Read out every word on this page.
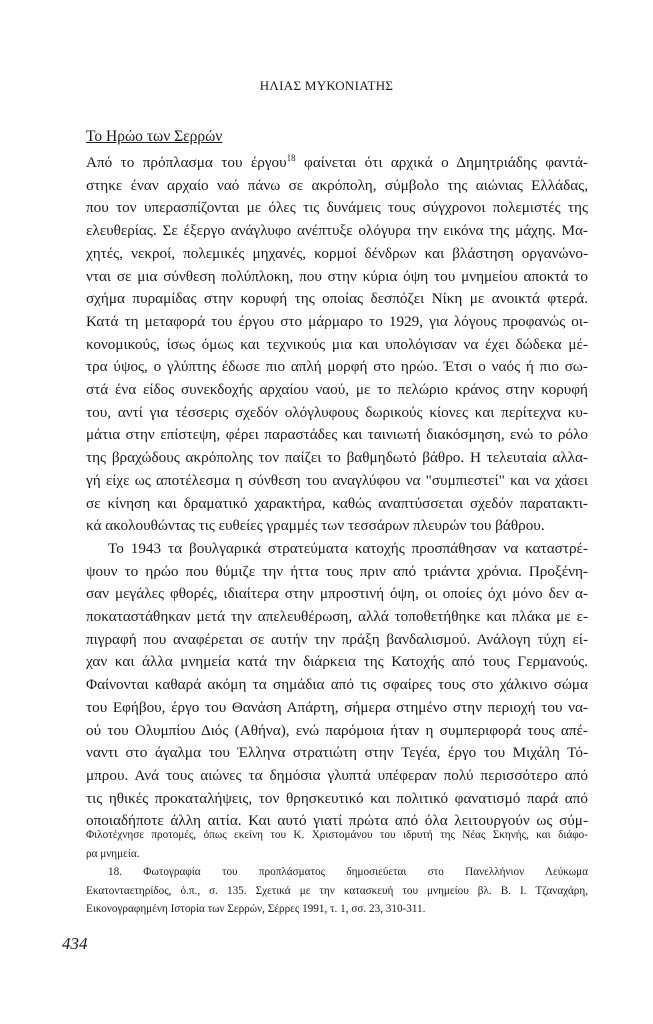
ΗΛΙΑΣ ΜΥΚΟΝΙΑΤΗΣ
Το Ηρώο των Σερρών
Από το πρόπλασμα του έργου$^{18}$ φαίνεται ότι αρχικά ο Δημητριάδης φαντά-
στηκε έναν αρχαίο ναό πάνω σε ακρόπολη, σύμβολο της αιώνιας Ελλάδας,
που τον υπερασπίζονται με όλες τις δυνάμεις τους σύγχρονοι πολεμιστές της
ελευθερίας. Σε έξεργο ανάγλυφο ανέπτυξε ολόγυρα την εικόνα της μάχης. Μα-
χητές, νεκροί, πολεμικές μηχανές, κορμοί δένδρων και βλάστηση οργανώνο-
νται σε μια σύνθεση πολύπλοκη, που στην κύρια όψη του μνημείου αποκτά το
σχήμα πυραμίδας στην κορυφή της οποίας δεσπόζει Νίκη με ανοικτά φτερά.
Κατά τη μεταφορά του έργου στο μάρμαρο το 1929, για λόγους προφανώς οι-
κονομικούς, ίσως όμως και τεχνικούς μια και υπολόγισαν να έχει δώδεκα μέ-
τρα ύψος, ο γλύπτης έδωσε πιο απλή μορφή στο ηρώο. Έτσι ο ναός ή πιο σω-
στά ένα είδος συνεκδοχής αρχαίου ναού, με το πελώριο κράνος στην κορυφή
του, αντί για τέσσερις σχεδόν ολόγλυφους δωρικούς κίονες και περίτεχνα κυ-
μάτια στην επίστεψη, φέρει παραστάδες και ταινιωτή διακόσμηση, ενώ το ρόλο
της βραχώδους ακρόπολης τον παίζει το βαθμηδωτό βάθρο. Η τελευταία αλλα-
γή είχε ως αποτέλεσμα η σύνθεση του αναγλύφου να "συμπιεστεί" και να χάσει
σε κίνηση και δραματικό χαρακτήρα, καθώς αναπτύσσεται σχεδόν παρατακτι-
κά ακολουθώντας τις ευθείες γραμμές των τεσσάρων πλευρών του βάθρου.
Το 1943 τα βουλγαρικά στρατεύματα κατοχής προσπάθησαν να καταστρέ-
ψουν το ηρώο που θύμιζε την ήττα τους πριν από τριάντα χρόνια. Προξένη-
σαν μεγάλες φθορές, ιδιαίτερα στην μπροστινή όψη, οι οποίες όχι μόνο δεν α-
ποκαταστάθηκαν μετά την απελευθέρωση, αλλά τοποθετήθηκε και πλάκα με ε-
πιγραφή που αναφέρεται σε αυτήν την πράξη βανδαλισμού. Ανάλογη τύχη εί-
χαν και άλλα μνημεία κατά την διάρκεια της Κατοχής από τους Γερμανούς.
Φαίνονται καθαρά ακόμη τα σημάδια από τις σφαίρες τους στο χάλκινο σώμα
του Εφήβου, έργο του Θανάση Απάρτη, σήμερα στημένο στην περιοχή του να-
ού του Ολυμπίου Διός (Αθήνα), ενώ παρόμοια ήταν η συμπεριφορά τους απέ-
ναντι στο άγαλμα του Έλληνα στρατιώτη στην Τεγέα, έργο του Μιχάλη Τό-
μπρου. Ανά τους αιώνες τα δημόσια γλυπτά υπέφεραν πολύ περισσότερο από
τις ηθικές προκαταλήψεις, τον θρησκευτικό και πολιτικό φανατισμό παρά από
οποιαδήποτε άλλη αιτία. Και αυτό γιατί πρώτα από όλα λειτουργούν ως σύμ-
Φιλοτέχνησε προτομές, όπως εκείνη του Κ. Χριστομάνου του ιδρυτή της Νέας Σκηνής, και διάφο-
ρα μνημεία.
18. Φωτογραφία του προπλάσματος δημοσιεύεται στο Πανελλήνιον Λεύκωμα
Εκατονταετηρίδος, ό.π., σ. 135. Σχετικά με την κατασκευή του μνημείου βλ. Β. Ι. Τζαναχάρη,
Εικονογραφημένη Ιστορία των Σερρών, Σέρρες 1991, τ. 1, σσ. 23, 310-311.
434
